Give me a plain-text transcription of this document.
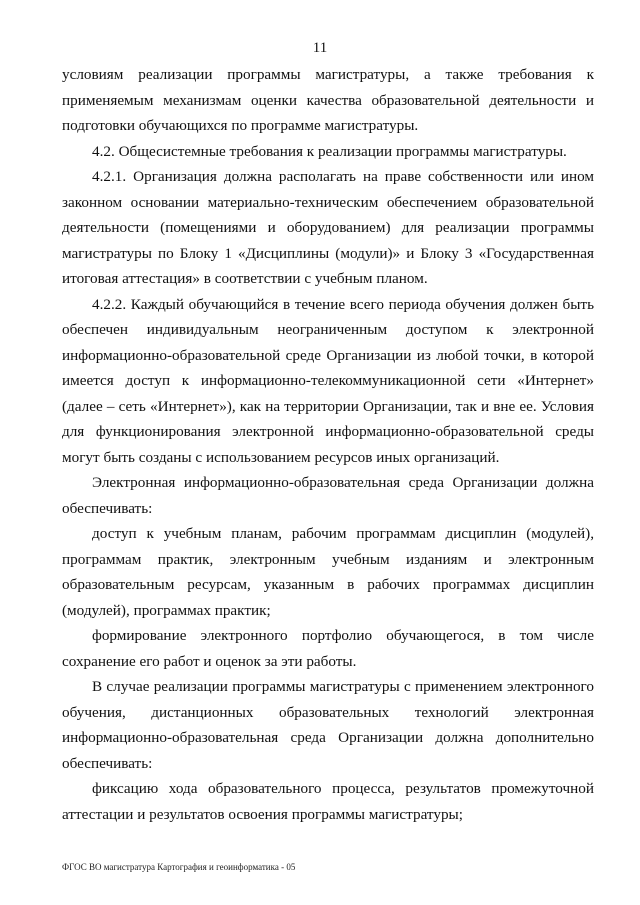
11

условиям реализации программы магистратуры, а также требования к применяемым механизмам оценки качества образовательной деятельности и подготовки обучающихся по программе магистратуры.

4.2. Общесистемные требования к реализации программы магистратуры.

4.2.1. Организация должна располагать на праве собственности или ином законном основании материально-техническим обеспечением образовательной деятельности (помещениями и оборудованием) для реализации программы магистратуры по Блоку 1 «Дисциплины (модули)» и Блоку 3 «Государственная итоговая аттестация» в соответствии с учебным планом.

4.2.2. Каждый обучающийся в течение всего периода обучения должен быть обеспечен индивидуальным неограниченным доступом к электронной информационно-образовательной среде Организации из любой точки, в которой имеется доступ к информационно-телекоммуникационной сети «Интернет» (далее – сеть «Интернет»), как на территории Организации, так и вне ее. Условия для функционирования электронной информационно-образовательной среды могут быть созданы с использованием ресурсов иных организаций.

Электронная информационно-образовательная среда Организации должна обеспечивать:

доступ к учебным планам, рабочим программам дисциплин (модулей), программам практик, электронным учебным изданиям и электронным образовательным ресурсам, указанным в рабочих программах дисциплин (модулей), программах практик;

формирование электронного портфолио обучающегося, в том числе сохранение его работ и оценок за эти работы.

В случае реализации программы магистратуры с применением электронного обучения, дистанционных образовательных технологий электронная информационно-образовательная среда Организации должна дополнительно обеспечивать:

фиксацию хода образовательного процесса, результатов промежуточной аттестации и результатов освоения программы магистратуры;

ФГОС ВО магистратура Картография и геоинформатика - 05
